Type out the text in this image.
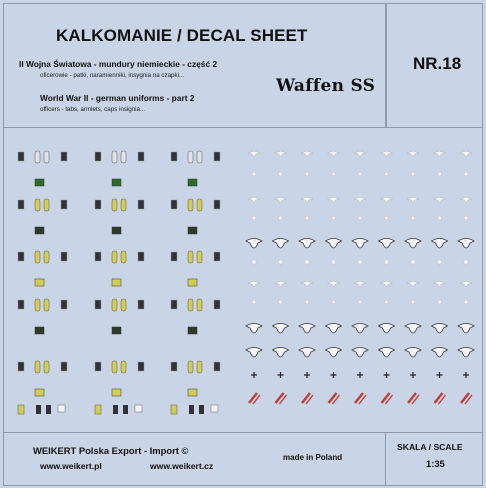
KALKOMANIE / DECAL SHEET
NR.18
II Wojna Światowa - mundury niemieckie - część 2
oficerowie - patki, naramienniki, insygnia na czapki...
World War II - german uniforms - part 2
officers - tabs, armlets, caps insignia...
Waffen SS
WEIKERT Polska Export - Import ©
www.weikert.pl	www.weikert.cz
made in Poland
SKALA / SCALE
1:35
